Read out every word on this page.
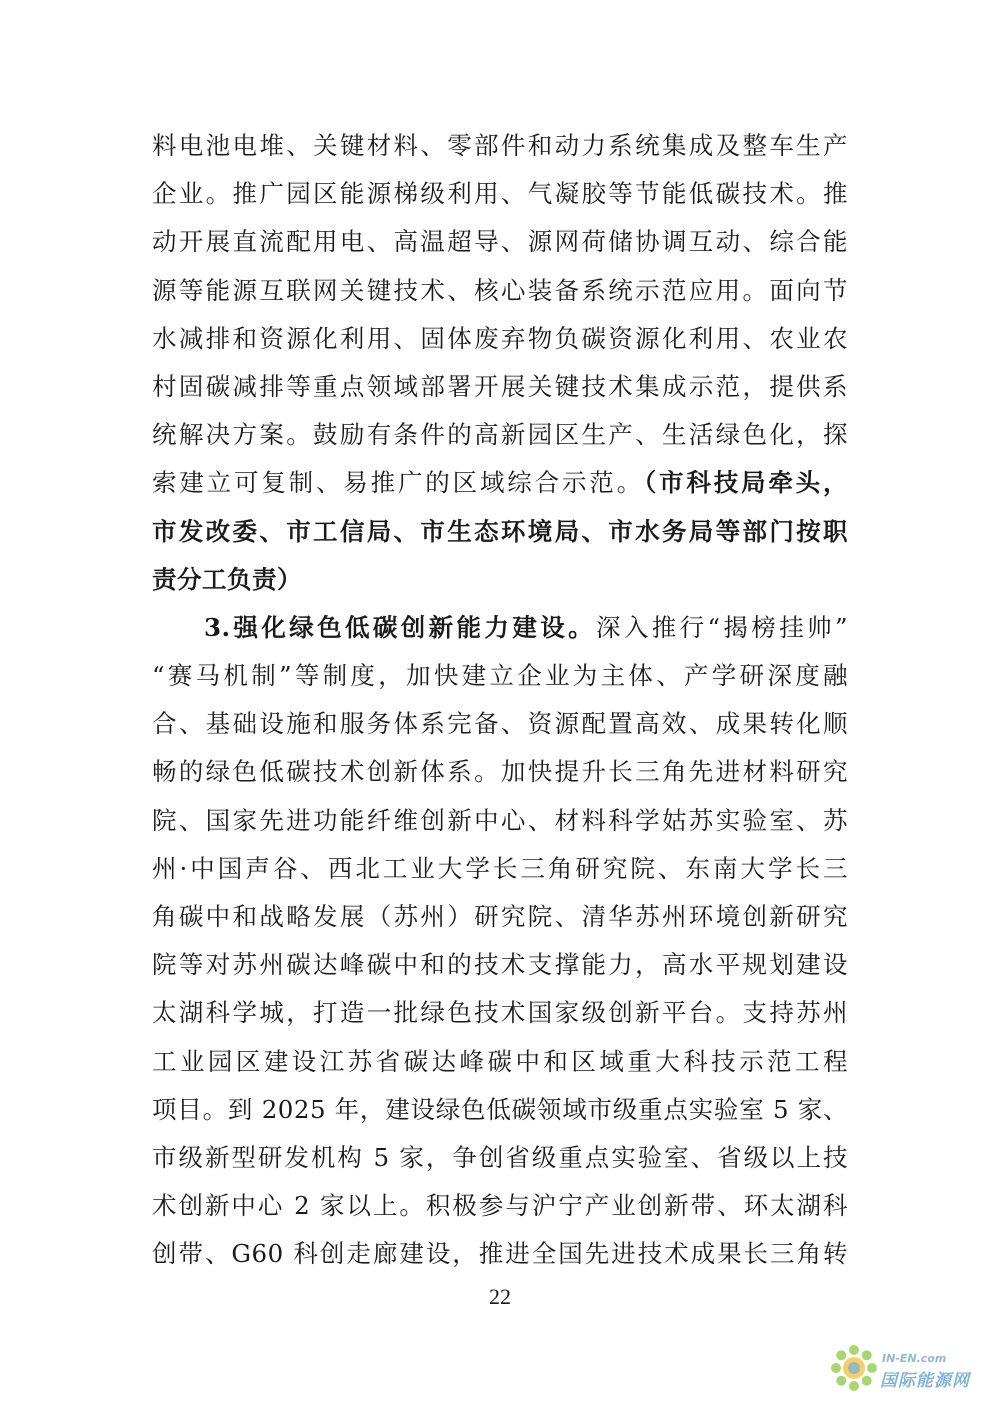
料电池电堆、关键材料、零部件和动力系统集成及整车生产
企业。推广园区能源梯级利用、气凝胶等节能低碳技术。推
动开展直流配用电、高温超导、源网荷储协调互动、综合能
源等能源互联网关键技术、核心装备系统示范应用。面向节
水减排和资源化利用、固体废弃物负碳资源化利用、农业农
村固碳减排等重点领域部署开展关键技术集成示范，提供系
统解决方案。鼓励有条件的高新园区生产、生活绿色化，探
索建立可复制、易推广的区域综合示范。（市科技局牵头，
市发改委、市工信局、市生态环境局、市水务局等部门按职
责分工负责）
3.强化绿色低碳创新能力建设。深入推行“揭榜挂帅”
“赛马机制”等制度，加快建立企业为主体、产学研深度融
合、基础设施和服务体系完备、资源配置高效、成果转化顺
畅的绿色低碳技术创新体系。加快提升长三角先进材料研究
院、国家先进功能纤维创新中心、材料科学姑苏实验室、苏
州·中国声谷、西北工业大学长三角研究院、东南大学长三
角碳中和战略发展（苏州）研究院、清华苏州环境创新研究
院等对苏州碳达峰碳中和的技术支撑能力，高水平规划建设
太湖科学城，打造一批绿色技术国家级创新平台。支持苏州
工业园区建设江苏省碳达峰碳中和区域重大科技示范工程
项目。到 2025 年，建设绿色低碳领域市级重点实验室 5 家、
市级新型研发机构 5 家，争创省级重点实验室、省级以上技
术创新中心 2 家以上。积极参与沪宁产业创新带、环太湖科
创带、G60 科创走廊建设，推进全国先进技术成果长三角转
22
IN-EN.com
国际能源网
